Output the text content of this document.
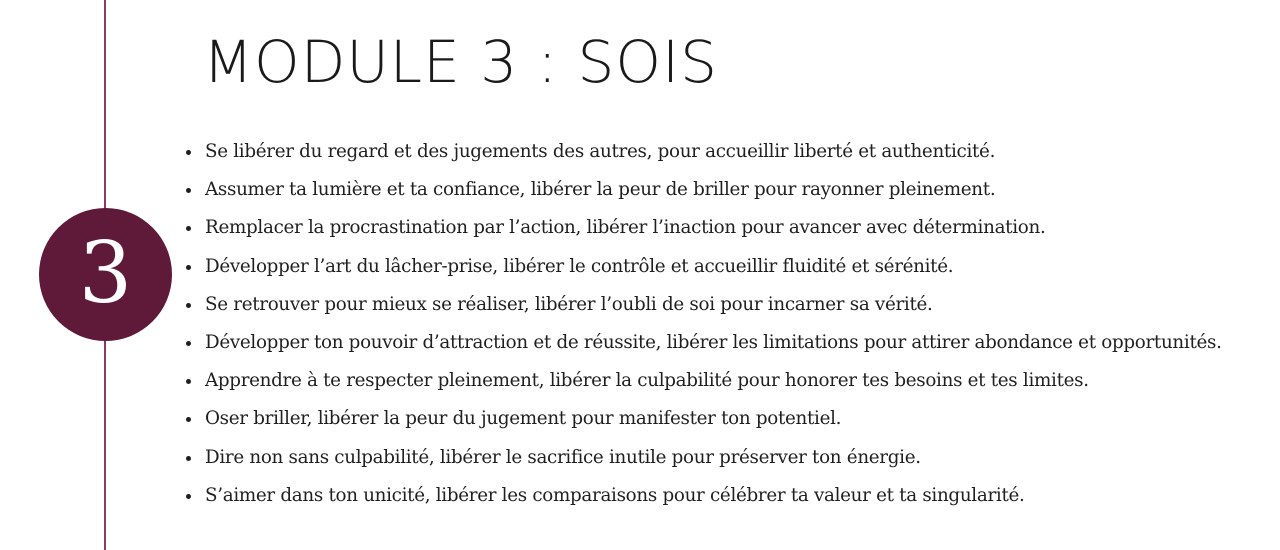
3
MODULE 3 : SOIS
Se libérer du regard et des jugements des autres, pour accueillir liberté et authenticité.
Assumer ta lumière et ta confiance, libérer la peur de briller pour rayonner pleinement.
Remplacer la procrastination par l’action, libérer l’inaction pour avancer avec détermination.
Développer l’art du lâcher-prise, libérer le contrôle et accueillir fluidité et sérénité.
Se retrouver pour mieux se réaliser, libérer l’oubli de soi pour incarner sa vérité.
Développer ton pouvoir d’attraction et de réussite, libérer les limitations pour attirer abondance et opportunités.
Apprendre à te respecter pleinement, libérer la culpabilité pour honorer tes besoins et tes limites.
Oser briller, libérer la peur du jugement pour manifester ton potentiel.
Dire non sans culpabilité, libérer le sacrifice inutile pour préserver ton énergie.
S’aimer dans ton unicité, libérer les comparaisons pour célébrer ta valeur et ta singularité.
